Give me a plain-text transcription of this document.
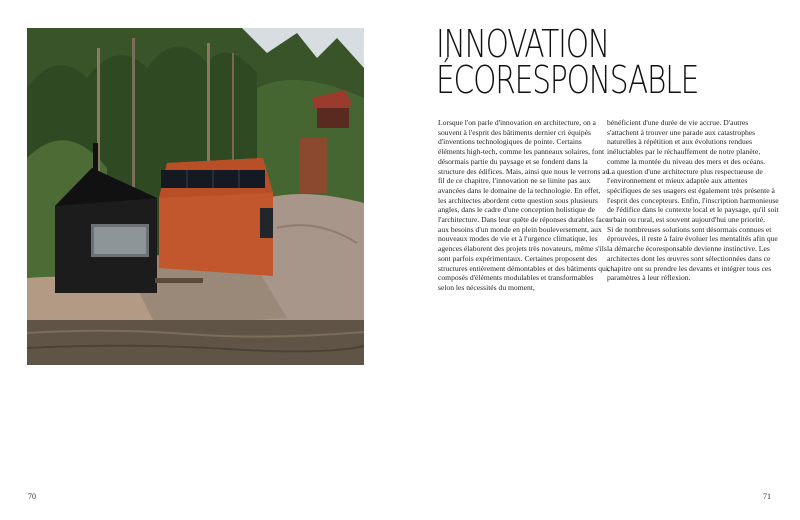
INNOVATION
ÉCORESPONSABLE

Lorsque l'on parle d'innovation en architecture, on a souvent à l'esprit des bâtiments dernier cri équipés d'inventions technologiques de pointe. Certains éléments high-tech, comme les panneaux solaires, font désormais partie du paysage et se fondent dans la structure des édifices. Mais, ainsi que nous le verrons au fil de ce chapitre, l'innovation ne se limite pas aux avancées dans le domaine de la technologie. En effet, les architectes abordent cette question sous plusieurs angles, dans le cadre d'une conception holistique de l'architecture. Dans leur quête de réponses durables face aux besoins d'un monde en plein bouleversement, aux nouveaux modes de vie et à l'urgence climatique, les agences élaborent des projets très novateurs, même s'ils sont parfois expérimentaux. Certaines proposent des structures entièrement démontables et des bâtiments qui, composés d'éléments modulables et transformables selon les nécessités du moment,

bénéficient d'une durée de vie accrue. D'autres s'attachent à trouver une parade aux catastrophes naturelles à répétition et aux évolutions rendues inéluctables par le réchauffement de notre planète, comme la montée du niveau des mers et des océans.

La question d'une architecture plus respectueuse de l'environnement et mieux adaptée aux attentes spécifiques de ses usagers est également très présente à l'esprit des concepteurs. Enfin, l'inscription harmonieuse de l'édifice dans le contexte local et le paysage, qu'il soit urbain ou rural, est souvent aujourd'hui une priorité.

Si de nombreuses solutions sont désormais connues et éprouvées, il reste à faire évoluer les mentalités afin que la démarche écoresponsable devienne instinctive. Les architectes dont les œuvres sont sélectionnées dans ce chapitre ont su prendre les devants et intégrer tous ces paramètres à leur réflexion.

70	71
